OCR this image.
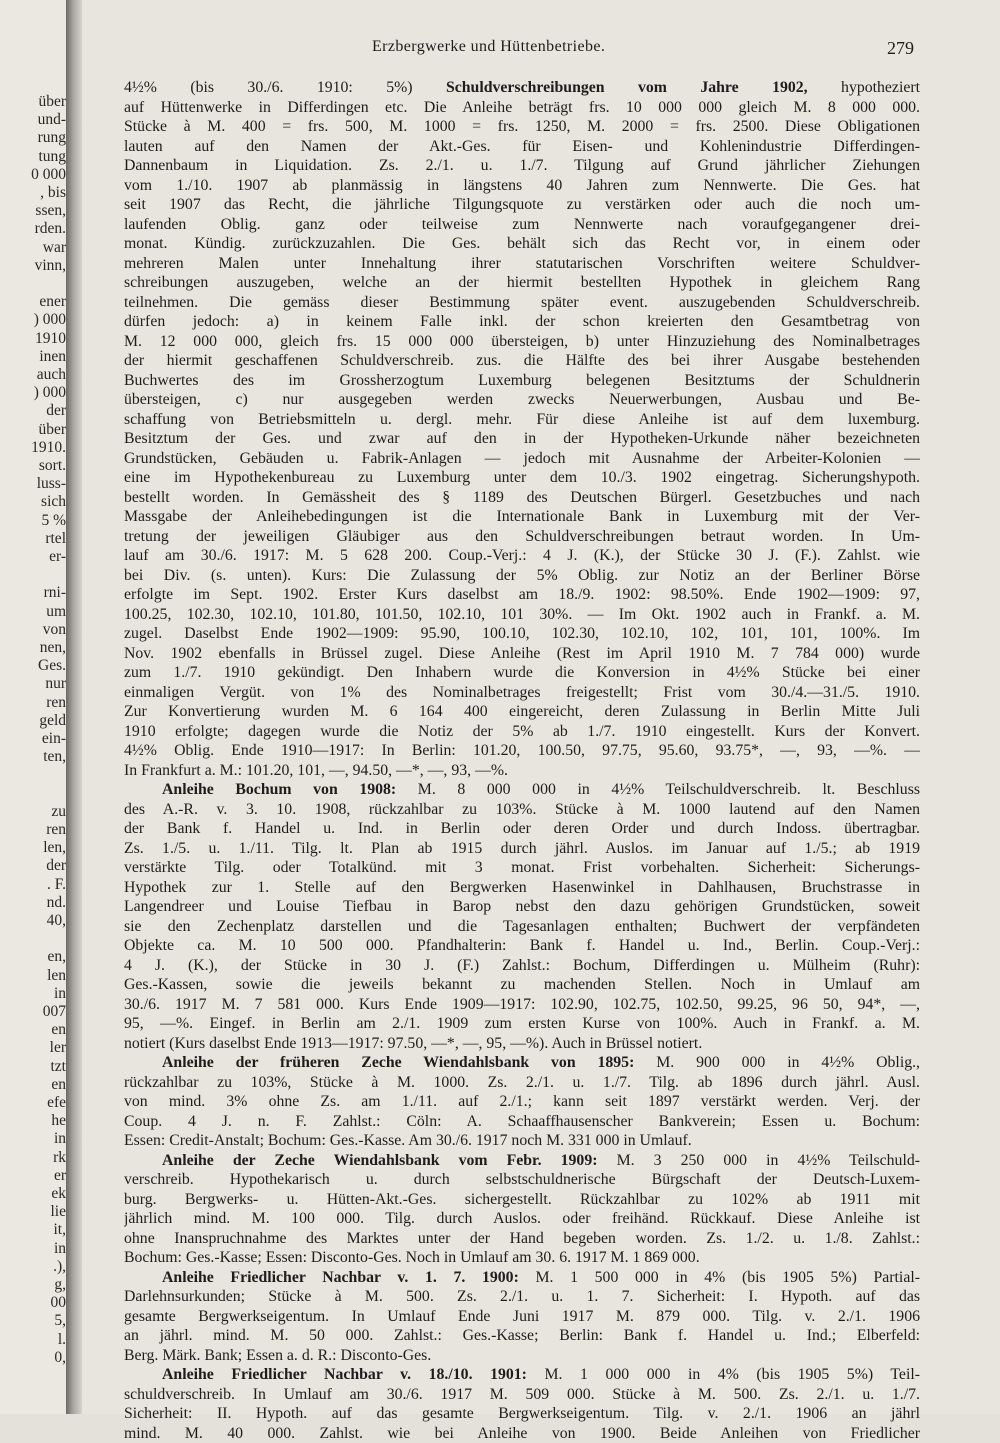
über
und-
rung
tung
0 000
, bis
ssen,
rden.
war
vinn,
ener
) 000
1910
inen
auch
) 000
der
über
1910.
sort.
luss-
sich
5 %
rtel
er-
rni-
um
von
nen,
Ges.
nur
ren
geld
ein-
ten,
zu
ren
len,
der
. F.
nd.
40,
en,
len
in
007
en
ler
tzt
en
efe
he
in
rk
er
ek
lie
it,
in
.),
g,
00
5,
l.
0,
Erzbergwerke und Hüttenbetriebe.	279
4½% (bis 30./6. 1910: 5%) Schuldverschreibungen vom Jahre 1902, hypotheziert
auf Hüttenwerke in Differdingen etc. Die Anleihe beträgt frs. 10 000 000 gleich M. 8 000 000.
Stücke à M. 400 = frs. 500, M. 1000 = frs. 1250, M. 2000 = frs. 2500. Diese Obligationen
lauten auf den Namen der Akt.-Ges. für Eisen- und Kohlenindustrie Differdingen-
Dannenbaum in Liquidation. Zs. 2./1. u. 1./7. Tilgung auf Grund jährlicher Ziehungen
vom 1./10. 1907 ab planmässig in längstens 40 Jahren zum Nennwerte. Die Ges. hat
seit 1907 das Recht, die jährliche Tilgungsquote zu verstärken oder auch die noch um-
laufenden Oblig. ganz oder teilweise zum Nennwerte nach voraufgegangener drei-
monat. Kündig. zurückzuzahlen. Die Ges. behält sich das Recht vor, in einem oder
mehreren Malen unter Innehaltung ihrer statutarischen Vorschriften weitere Schuldver-
schreibungen auszugeben, welche an der hiermit bestellten Hypothek in gleichem Rang
teilnehmen. Die gemäss dieser Bestimmung später event. auszugebenden Schuldverschreib.
dürfen jedoch: a) in keinem Falle inkl. der schon kreierten den Gesamtbetrag von
M. 12 000 000, gleich frs. 15 000 000 übersteigen, b) unter Hinzuziehung des Nominalbetrages
der hiermit geschaffenen Schuldverschreib. zus. die Hälfte des bei ihrer Ausgabe bestehenden
Buchwertes des im Grossherzogtum Luxemburg belegenen Besitztums der Schuldnerin
übersteigen, c) nur ausgegeben werden zwecks Neuerwerbungen, Ausbau und Be-
schaffung von Betriebsmitteln u. dergl. mehr. Für diese Anleihe ist auf dem luxemburg.
Besitztum der Ges. und zwar auf den in der Hypotheken-Urkunde näher bezeichneten
Grundstücken, Gebäuden u. Fabrik-Anlagen — jedoch mit Ausnahme der Arbeiter-Kolonien —
eine im Hypothekenbureau zu Luxemburg unter dem 10./3. 1902 eingetrag. Sicherungshypoth.
bestellt worden. In Gemässheit des § 1189 des Deutschen Bürgerl. Gesetzbuches und nach
Massgabe der Anleihebedingungen ist die Internationale Bank in Luxemburg mit der Ver-
tretung der jeweiligen Gläubiger aus den Schuldverschreibungen betraut worden. In Um-
lauf am 30./6. 1917: M. 5 628 200. Coup.-Verj.: 4 J. (K.), der Stücke 30 J. (F.). Zahlst. wie
bei Div. (s. unten). Kurs: Die Zulassung der 5% Oblig. zur Notiz an der Berliner Börse
erfolgte im Sept. 1902. Erster Kurs daselbst am 18./9. 1902: 98.50%. Ende 1902—1909: 97,
100.25, 102.30, 102.10, 101.80, 101.50, 102.10, 101 30%. — Im Okt. 1902 auch in Frankf. a. M.
zugel. Daselbst Ende 1902—1909: 95.90, 100.10, 102.30, 102.10, 102, 101, 101, 100%. Im
Nov. 1902 ebenfalls in Brüssel zugel. Diese Anleihe (Rest im April 1910 M. 7 784 000) wurde
zum 1./7. 1910 gekündigt. Den Inhabern wurde die Konversion in 4½% Stücke bei einer
einmaligen Vergüt. von 1% des Nominalbetrages freigestellt; Frist vom 30./4.—31./5. 1910.
Zur Konvertierung wurden M. 6 164 400 eingereicht, deren Zulassung in Berlin Mitte Juli
1910 erfolgte; dagegen wurde die Notiz der 5% ab 1./7. 1910 eingestellt. Kurs der Konvert.
4½% Oblig. Ende 1910—1917: In Berlin: 101.20, 100.50, 97.75, 95.60, 93.75*, —, 93, —%. —
In Frankfurt a. M.: 101.20, 101, —, 94.50, —*, —, 93, —%.
Anleihe Bochum von 1908: M. 8 000 000 in 4½% Teilschuldverschreib. lt. Beschluss
des A.-R. v. 3. 10. 1908, rückzahlbar zu 103%. Stücke à M. 1000 lautend auf den Namen
der Bank f. Handel u. Ind. in Berlin oder deren Order und durch Indoss. übertragbar.
Zs. 1./5. u. 1./11. Tilg. lt. Plan ab 1915 durch jährl. Auslos. im Januar auf 1./5.; ab 1919
verstärkte Tilg. oder Totalkünd. mit 3 monat. Frist vorbehalten. Sicherheit: Sicherungs-
Hypothek zur 1. Stelle auf den Bergwerken Hasenwinkel in Dahlhausen, Bruchstrasse in
Langendreer und Louise Tiefbau in Barop nebst den dazu gehörigen Grundstücken, soweit
sie den Zechenplatz darstellen und die Tagesanlagen enthalten; Buchwert der verpfändeten
Objekte ca. M. 10 500 000. Pfandhalterin: Bank f. Handel u. Ind., Berlin. Coup.-Verj.:
4 J. (K.), der Stücke in 30 J. (F.) Zahlst.: Bochum, Differdingen u. Mülheim (Ruhr):
Ges.-Kassen, sowie die jeweils bekannt zu machenden Stellen. Noch in Umlauf am
30./6. 1917 M. 7 581 000. Kurs Ende 1909—1917: 102.90, 102.75, 102.50, 99.25, 96 50, 94*, —,
95, —%. Eingef. in Berlin am 2./1. 1909 zum ersten Kurse von 100%. Auch in Frankf. a. M.
notiert (Kurs daselbst Ende 1913—1917: 97.50, —*, —, 95, —%). Auch in Brüssel notiert.
Anleihe der früheren Zeche Wiendahlsbank von 1895: M. 900 000 in 4½% Oblig.,
rückzahlbar zu 103%, Stücke à M. 1000. Zs. 2./1. u. 1./7. Tilg. ab 1896 durch jährl. Ausl.
von mind. 3% ohne Zs. am 1./11. auf 2./1.; kann seit 1897 verstärkt werden. Verj. der
Coup. 4 J. n. F. Zahlst.: Cöln: A. Schaaffhausenscher Bankverein; Essen u. Bochum:
Essen: Credit-Anstalt; Bochum: Ges.-Kasse. Am 30./6. 1917 noch M. 331 000 in Umlauf.
Anleihe der Zeche Wiendahlsbank vom Febr. 1909: M. 3 250 000 in 4½% Teilschuld-
verschreib. Hypothekarisch u. durch selbstschuldnerische Bürgschaft der Deutsch-Luxem-
burg. Bergwerks- u. Hütten-Akt.-Ges. sichergestellt. Rückzahlbar zu 102% ab 1911 mit
jährlich mind. M. 100 000. Tilg. durch Auslos. oder freihänd. Rückkauf. Diese Anleihe ist
ohne Inanspruchnahme des Marktes unter der Hand begeben worden. Zs. 1./2. u. 1./8. Zahlst.:
Bochum: Ges.-Kasse; Essen: Disconto-Ges. Noch in Umlauf am 30. 6. 1917 M. 1 869 000.
Anleihe Friedlicher Nachbar v. 1. 7. 1900: M. 1 500 000 in 4% (bis 1905 5%) Partial-
Darlehnsurkunden; Stücke à M. 500. Zs. 2./1. u. 1. 7. Sicherheit: I. Hypoth. auf das
gesamte Bergwerkseigentum. In Umlauf Ende Juni 1917 M. 879 000. Tilg. v. 2./1. 1906
an jährl. mind. M. 50 000. Zahlst.: Ges.-Kasse; Berlin: Bank f. Handel u. Ind.; Elberfeld:
Berg. Märk. Bank; Essen a. d. R.: Disconto-Ges.
Anleihe Friedlicher Nachbar v. 18./10. 1901: M. 1 000 000 in 4% (bis 1905 5%) Teil-
schuldverschreib. In Umlauf am 30./6. 1917 M. 509 000. Stücke à M. 500. Zs. 2./1. u. 1./7.
Sicherheit: II. Hypoth. auf das gesamte Bergwerkseigentum. Tilg. v. 2./1. 1906 an jährl
mind. M. 40 000. Zahlst. wie bei Anleihe von 1900. Beide Anleihen von Friedlicher
